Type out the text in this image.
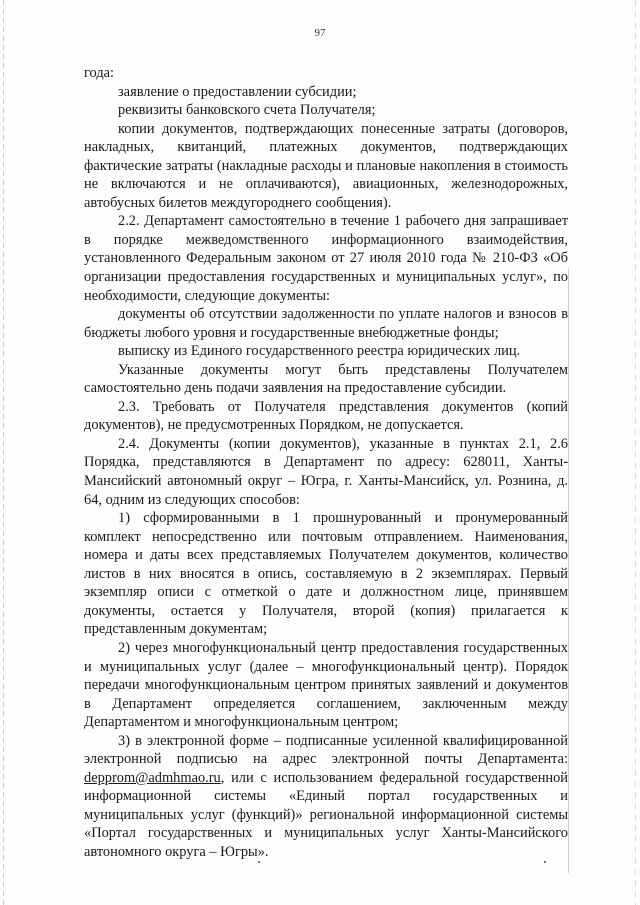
97

года:

заявление о предоставлении субсидии;

реквизиты банковского счета Получателя;

копии документов, подтверждающих понесенные затраты (договоров, накладных, квитанций, платежных документов, подтверждающих фактические затраты (накладные расходы и плановые накопления в стоимость не включаются и не оплачиваются), авиационных, железнодорожных, автобусных билетов междугороднего сообщения).

2.2. Департамент самостоятельно в течение 1 рабочего дня запрашивает в порядке межведомственного информационного взаимодействия, установленного Федеральным законом от 27 июля 2010 года № 210-ФЗ «Об организации предоставления государственных и муниципальных услуг», по необходимости, следующие документы:

документы об отсутствии задолженности по уплате налогов и взносов в бюджеты любого уровня и государственные внебюджетные фонды;

выписку из Единого государственного реестра юридических лиц.

Указанные документы могут быть представлены Получателем самостоятельно день подачи заявления на предоставление субсидии.

2.3. Требовать от Получателя представления документов (копий документов), не предусмотренных Порядком, не допускается.

2.4. Документы (копии документов), указанные в пунктах 2.1, 2.6 Порядка, представляются в Департамент по адресу: 628011, Ханты-Мансийский автономный округ – Югра, г. Ханты-Мансийск, ул. Рознина, д. 64, одним из следующих способов:

1) сформированными в 1 прошнурованный и пронумерованный комплект непосредственно или почтовым отправлением. Наименования, номера и даты всех представляемых Получателем документов, количество листов в них вносятся в опись, составляемую в 2 экземплярах. Первый экземпляр описи с отметкой о дате и должностном лице, принявшем документы, остается у Получателя, второй (копия) прилагается к представленным документам;

2) через многофункциональный центр предоставления государственных и муниципальных услуг (далее – многофункциональный центр). Порядок передачи многофункциональным центром принятых заявлений и документов в Департамент определяется соглашением, заключенным между Департаментом и многофункциональным центром;

3) в электронной форме – подписанные усиленной квалифицированной электронной подписью на адрес электронной почты Департамента: depprom@admhmao.ru, или с использованием федеральной государственной информационной системы «Единый портал государственных и муниципальных услуг (функций)» региональной информационной системы «Портал государственных и муниципальных услуг Ханты-Мансийского автономного округа – Югры».
